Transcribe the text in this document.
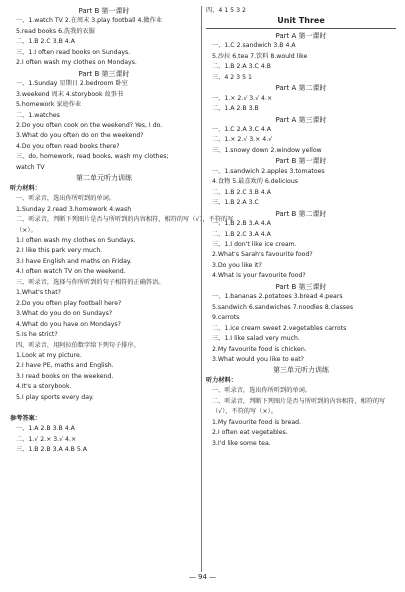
Part B 第一课时
一、1.watch TV 2.在周末 3.play football 4.做作业
5.read books 6.洗我的衣服
二、1.B 2.C 3.B 4.A
三、1.I often read books on Sundays.
2.I often wash my clothes on Mondays.
Part B 第三课时
一、1.Sunday 星期日 2.bedroom 卧室
3.weekend 周末 4.storybook 故事书
5.homework 家庭作业
二、1.watches
2.Do you often cook on the weekend? Yes, I do.
3.What do you often do on the weekend?
4.Do you often read books there?
三、do, homework, read books, wash my clothes;
watch TV
第二单元听力训练
听力材料：
一、听录音，选出你所听到的单词。
1.Sunday 2.read 3.homework 4.wash
二、听录音，判断下列图片是否与所听到的内容相符，相符的写（√），不符的写
（×）。
1.I often wash my clothes on Sundays.
2.I like this park very much.
3.I have English and maths on Friday.
4.I often watch TV on the weekend.
三、听录音，选择与你所听到的句子相符的正确答语。
1.What's that?
2.Do you often play football here?
3.What do you do on Sundays?
4.What do you have on Mondays?
5.Is he strict?
四、听录音，用阿拉伯数字给下列句子排序。
1.Look at my picture.
2.I have PE, maths and English.
3.I read books on the weekend.
4.It's a storybook.
5.I play sports every day.

参考答案：
一、1.A 2.B 3.B 4.A
二、1.√ 2.× 3.√ 4.×
三、1.B 2.B 3.A 4.B 5.A
四、4 1 5 3 2
Unit Three
Part A 第一课时
一、1.C 2.sandwich 3.B 4.A
5.沙拉 6.tea 7.饮料 8.would like
二、1.B 2.A 3.C 4.B
三、4 2 3 5 1
Part A 第二课时
一、1.× 2.√ 3.√ 4.×
二、1.A 2.B 3.B
Part A 第三课时
一、1.C 2.A 3.C 4.A
二、1.× 2.√ 3.× 4.√
三、1.snowy down 2.window yellow
Part B 第一课时
一、1.sandwich 2.apples 3.tomatoes
4.食物 5.最喜欢的 6.delicious
二、1.B 2.C 3.B 4.A
三、1.B 2.A 3.C
Part B 第二课时
一、1.B 2.B 3.A 4.A
二、1.B 2.C 3.A 4.A
三、1.I don't like ice cream.
2.What's Sarah's favourite food?
3.Do you like it?
4.What is your favourite food?
Part B 第三课时
一、1.bananas 2.potatoes 3.bread 4.pears
5.sandwich 6.sandwiches 7.noodles 8.classes
9.carrots
二、1.ice cream sweet 2.vegetables carrots
三、1.I like salad very much.
2.My favourite food is chicken.
3.What would you like to eat?
第三单元听力训练
听力材料：
一、听录音，选出你所听到的单词。
二、听录音，判断下列图片是否与所听到的内容相符，相符的写
（√），不符的写（×）。
1.My favourite food is bread.
2.I often eat vegetables.
3.I'd like some tea.
— 94 —
